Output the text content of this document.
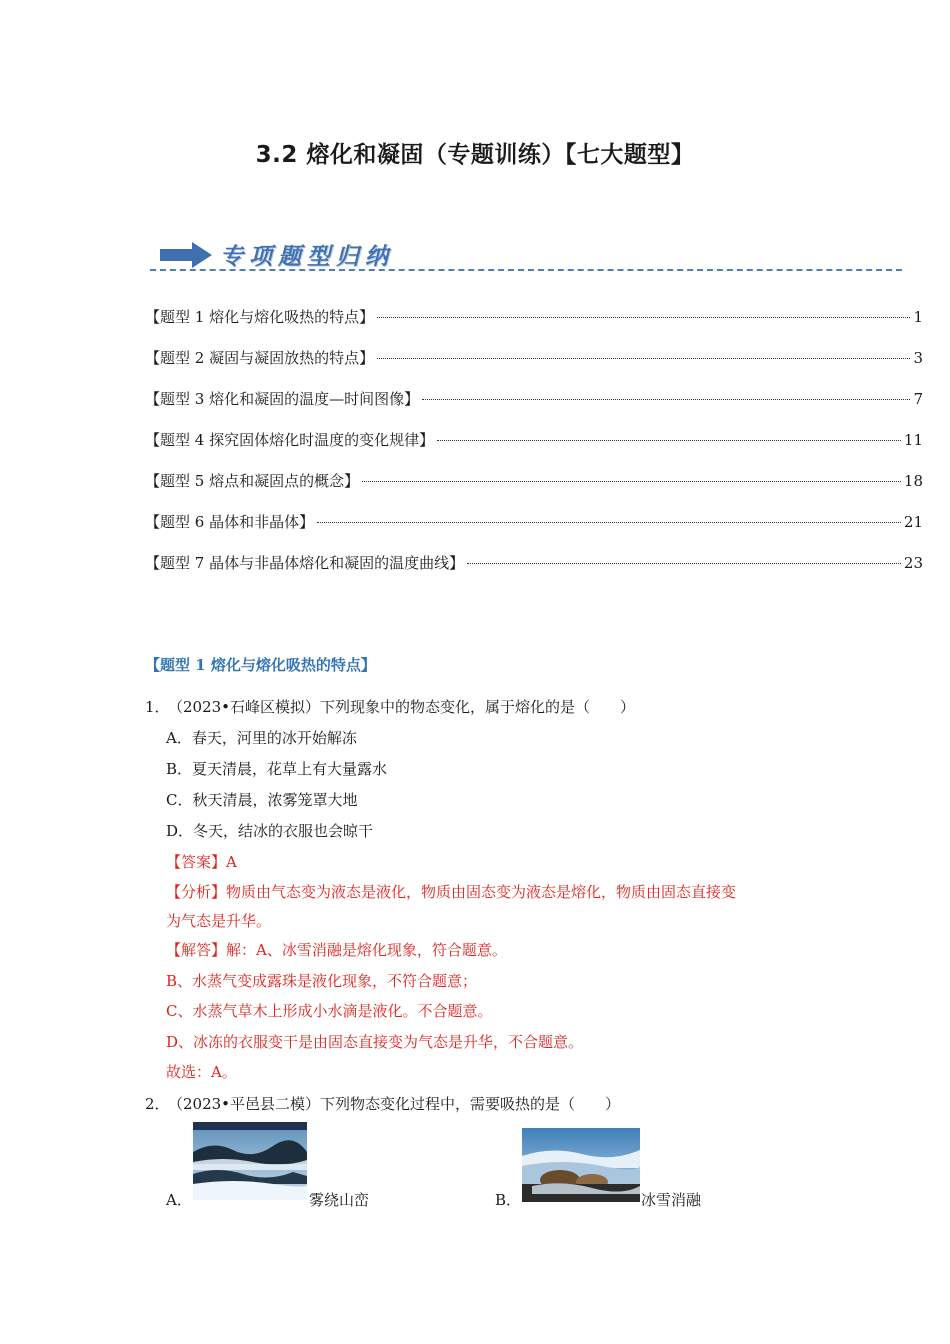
3.2 熔化和凝固（专题训练）【七大题型】
专项题型归纳
【题型 1 熔化与熔化吸热的特点】	1
【题型 2 凝固与凝固放热的特点】	3
【题型 3 熔化和凝固的温度—时间图像】	7
【题型 4 探究固体熔化时温度的变化规律】	11
【题型 5 熔点和凝固点的概念】	18
【题型 6 晶体和非晶体】	21
【题型 7 晶体与非晶体熔化和凝固的温度曲线】	23
【题型 1 熔化与熔化吸热的特点】
1．
（2023•石峰区模拟）下列现象中的物态变化，属于熔化的是（　　）
A．春天，河里的冰开始解冻
B．夏天清晨，花草上有大量露水
C．秋天清晨，浓雾笼罩大地
D．冬天，结冰的衣服也会晾干
【答案】A
【分析】物质由气态变为液态是液化，物质由固态变为液态是熔化，物质由固态直接变
为气态是升华。
【解答】解：A、冰雪消融是熔化现象，符合题意。
B、水蒸气变成露珠是液化现象，不符合题意；
C、水蒸气草木上形成小水滴是液化。不合题意。
D、冰冻的衣服变干是由固态直接变为气态是升华，不合题意。
故选：A。
2．
（2023•平邑县二模）下列物态变化过程中，需要吸热的是（　　）
A．	雾绕山峦	B．	冰雪消融
